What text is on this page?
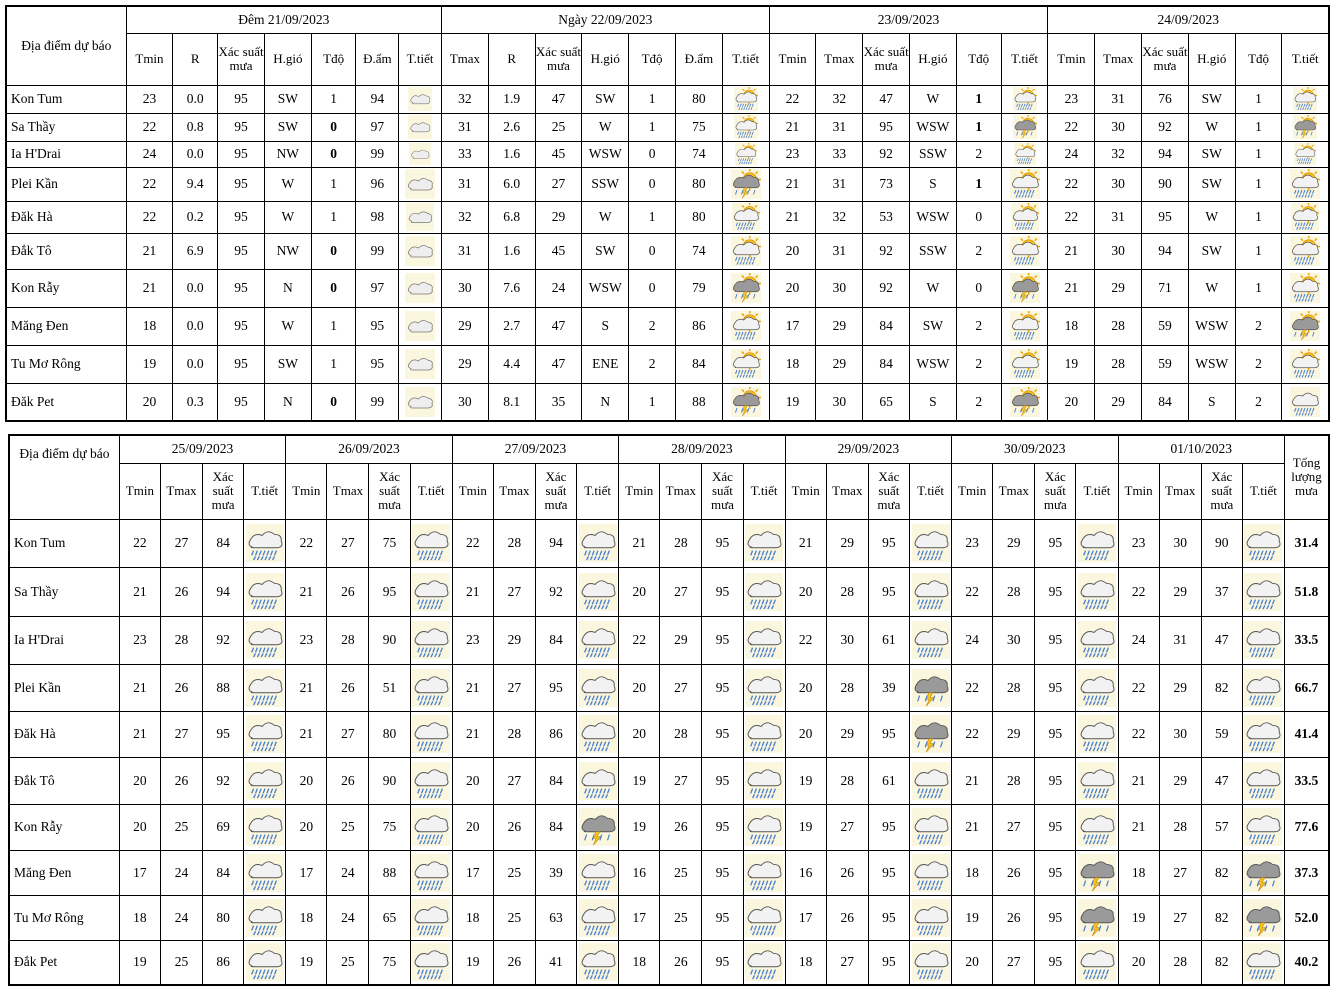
Địa điểm dự báo	Đêm 21/09/2023							Ngày 22/09/2023							23/09/2023						24/09/2023					
	Tmin	R	Xác suất mưa	H.gió	Tđộ	Đ.ẩm	T.tiết	Tmax	R	Xác suất mưa	H.gió	Tđộ	Đ.ẩm	T.tiết	Tmin	Tmax	Xác suất mưa	H.gió	Tđộ	T.tiết	Tmin	Tmax	Xác suất mưa	H.gió	Tđộ	T.tiết
Kon Tum	23	0.0	95	SW	1	94		32	1.9	47	SW	1	80		22	32	47	W	1		23	31	76	SW	1	

Sa Thầy	22	0.8	95	SW	0	97		31	2.6	25	W	1	75		21	31	95	WSW	1		22	30	92	W	1	

Ia H'Drai	24	0.0	95	NW	0	99		33	1.6	45	WSW	0	74		23	33	92	SSW	2		24	32	94	SW	1	

Plei Kần	22	9.4	95	W	1	96		31	6.0	27	SSW	0	80		21	31	73	S	1		22	30	90	SW	1	

Đăk Hà	22	0.2	95	W	1	98		32	6.8	29	W	1	80		21	32	53	WSW	0		22	31	95	W	1	

Đắk Tô	21	6.9	95	NW	0	99		31	1.6	45	SW	0	74		20	31	92	SSW	2		21	30	94	SW	1	

Kon Rẫy	21	0.0	95	N	0	97		30	7.6	24	WSW	0	79		20	30	92	W	0		21	29	71	W	1	

Măng Đen	18	0.0	95	W	1	95		29	2.7	47	S	2	86		17	29	84	SW	2		18	28	59	WSW	2	

Tu Mơ Rông	19	0.0	95	SW	1	95		29	4.4	47	ENE	2	84		18	29	84	WSW	2		19	28	59	WSW	2	

Đăk Pet	20	0.3	95	N	0	99		30	8.1	35	N	1	88		19	30	65	S	2		20	29	84	S	2	
Địa điểm dự báo	25/09/2023				26/09/2023				27/09/2023				28/09/2023				29/09/2023				30/09/2023				01/10/2023				Tổng lượng mưa
	Tmin	Tmax	Xác suất mưa	T.tiết	Tmin	Tmax	Xác suất mưa	T.tiết	Tmin	Tmax	Xác suất mưa	T.tiết	Tmin	Tmax	Xác suất mưa	T.tiết	Tmin	Tmax	Xác suất mưa	T.tiết	Tmin	Tmax	Xác suất mưa	T.tiết	Tmin	Tmax	Xác suất mưa	T.tiết	
Kon Tum	22	27	84		22	27	75		22	28	94		21	28	95		21	29	95		23	29	95		23	30	90		31.4
Sa Thầy	21	26	94		21	26	95		21	27	92		20	27	95		20	28	95		22	28	95		22	29	37		51.8
Ia H'Drai	23	28	92		23	28	90		23	29	84		22	29	95		22	30	61		24	30	95		24	31	47		33.5
Plei Kần	21	26	88		21	26	51		21	27	95		20	27	95		20	28	39		22	28	95		22	29	82		66.7
Đăk Hà	21	27	95		21	27	80		21	28	86		20	28	95		20	29	95		22	29	95		22	30	59		41.4
Đắk Tô	20	26	92		20	26	90		20	27	84		19	27	95		19	28	61		21	28	95		21	29	47		33.5
Kon Rẫy	20	25	69		20	25	75		20	26	84		19	26	95		19	27	95		21	27	95		21	28	57		77.6
Măng Đen	17	24	84		17	24	88		17	25	39		16	25	95		16	26	95		18	26	95		18	27	82		37.3
Tu Mơ Rông	18	24	80		18	24	65		18	25	63		17	25	95		17	26	95		19	26	95		19	27	82		52.0
Đắk Pet	19	25	86		19	25	75		19	26	41		18	26	95		18	27	95		20	27	95		20	28	82		40.2
